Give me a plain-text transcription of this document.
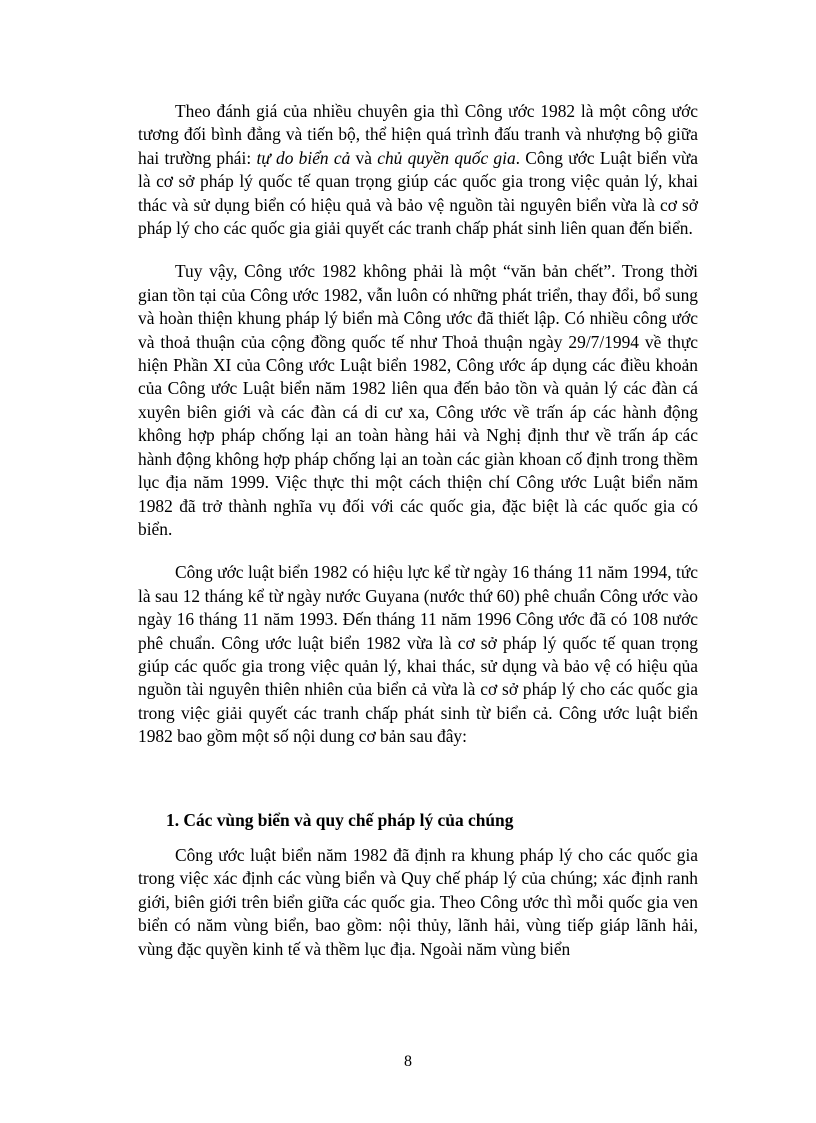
Theo đánh giá của nhiều chuyên gia thì Công ước 1982 là một công ước tương đối bình đẳng và tiến bộ, thể hiện quá trình đấu tranh và nhượng bộ giữa hai trường phái: tự do biển cả và chủ quyền quốc gia. Công ước Luật biển vừa là cơ sở pháp lý quốc tế quan trọng giúp các quốc gia trong việc quản lý, khai thác và sử dụng biển có hiệu quả và bảo vệ nguồn tài nguyên biển vừa là cơ sở pháp lý cho các quốc gia giải quyết các tranh chấp phát sinh liên quan đến biển.

Tuy vậy, Công ước 1982 không phải là một “văn bản chết”. Trong thời gian tồn tại của Công ước 1982, vẫn luôn có những phát triển, thay đổi, bổ sung và hoàn thiện khung pháp lý biển mà Công ước đã thiết lập. Có nhiều công ước và thoả thuận của cộng đồng quốc tế như Thoả thuận ngày 29/7/1994 về thực hiện Phần XI của Công ước Luật biển 1982, Công ước áp dụng các điều khoản của Công ước Luật biển năm 1982 liên qua đến bảo tồn và quản lý các đàn cá xuyên biên giới và các đàn cá di cư xa, Công ước về trấn áp các hành động không hợp pháp chống lại an toàn hàng hải và Nghị định thư về trấn áp các hành động không hợp pháp chống lại an toàn các giàn khoan cố định trong thềm lục địa năm 1999. Việc thực thi một cách thiện chí Công ước Luật biển năm 1982 đã trở thành nghĩa vụ đối với các quốc gia, đặc biệt là các quốc gia có biển.

Công ước luật biển 1982 có hiệu lực kể từ ngày 16 tháng 11 năm 1994, tức là sau 12 tháng kể từ ngày nước Guyana (nước thứ 60) phê chuẩn Công ước vào ngày 16 tháng 11 năm 1993. Đến tháng 11 năm 1996 Công ước đã có 108 nước phê chuẩn. Công ước luật biển 1982 vừa là cơ sở pháp lý quốc tế quan trọng giúp các quốc gia trong việc quản lý, khai thác, sử dụng và bảo vệ có hiệu qủa nguồn tài nguyên thiên nhiên của biển cả vừa là cơ sở pháp lý cho các quốc gia trong việc giải quyết các tranh chấp phát sinh từ biển cả. Công ước luật biển 1982 bao gồm một số nội dung cơ bản sau đây:

1. Các vùng biển và quy chế pháp lý của chúng

Công ước luật biển năm 1982 đã định ra khung pháp lý cho các quốc gia trong việc xác định các vùng biển và Quy chế pháp lý của chúng; xác định ranh giới, biên giới trên biển giữa các quốc gia. Theo Công ước thì mỗi quốc gia ven biển có năm vùng biển, bao gồm: nội thủy, lãnh hải, vùng tiếp giáp lãnh hải, vùng đặc quyền kinh tế và thềm lục địa. Ngoài năm vùng biển

8
